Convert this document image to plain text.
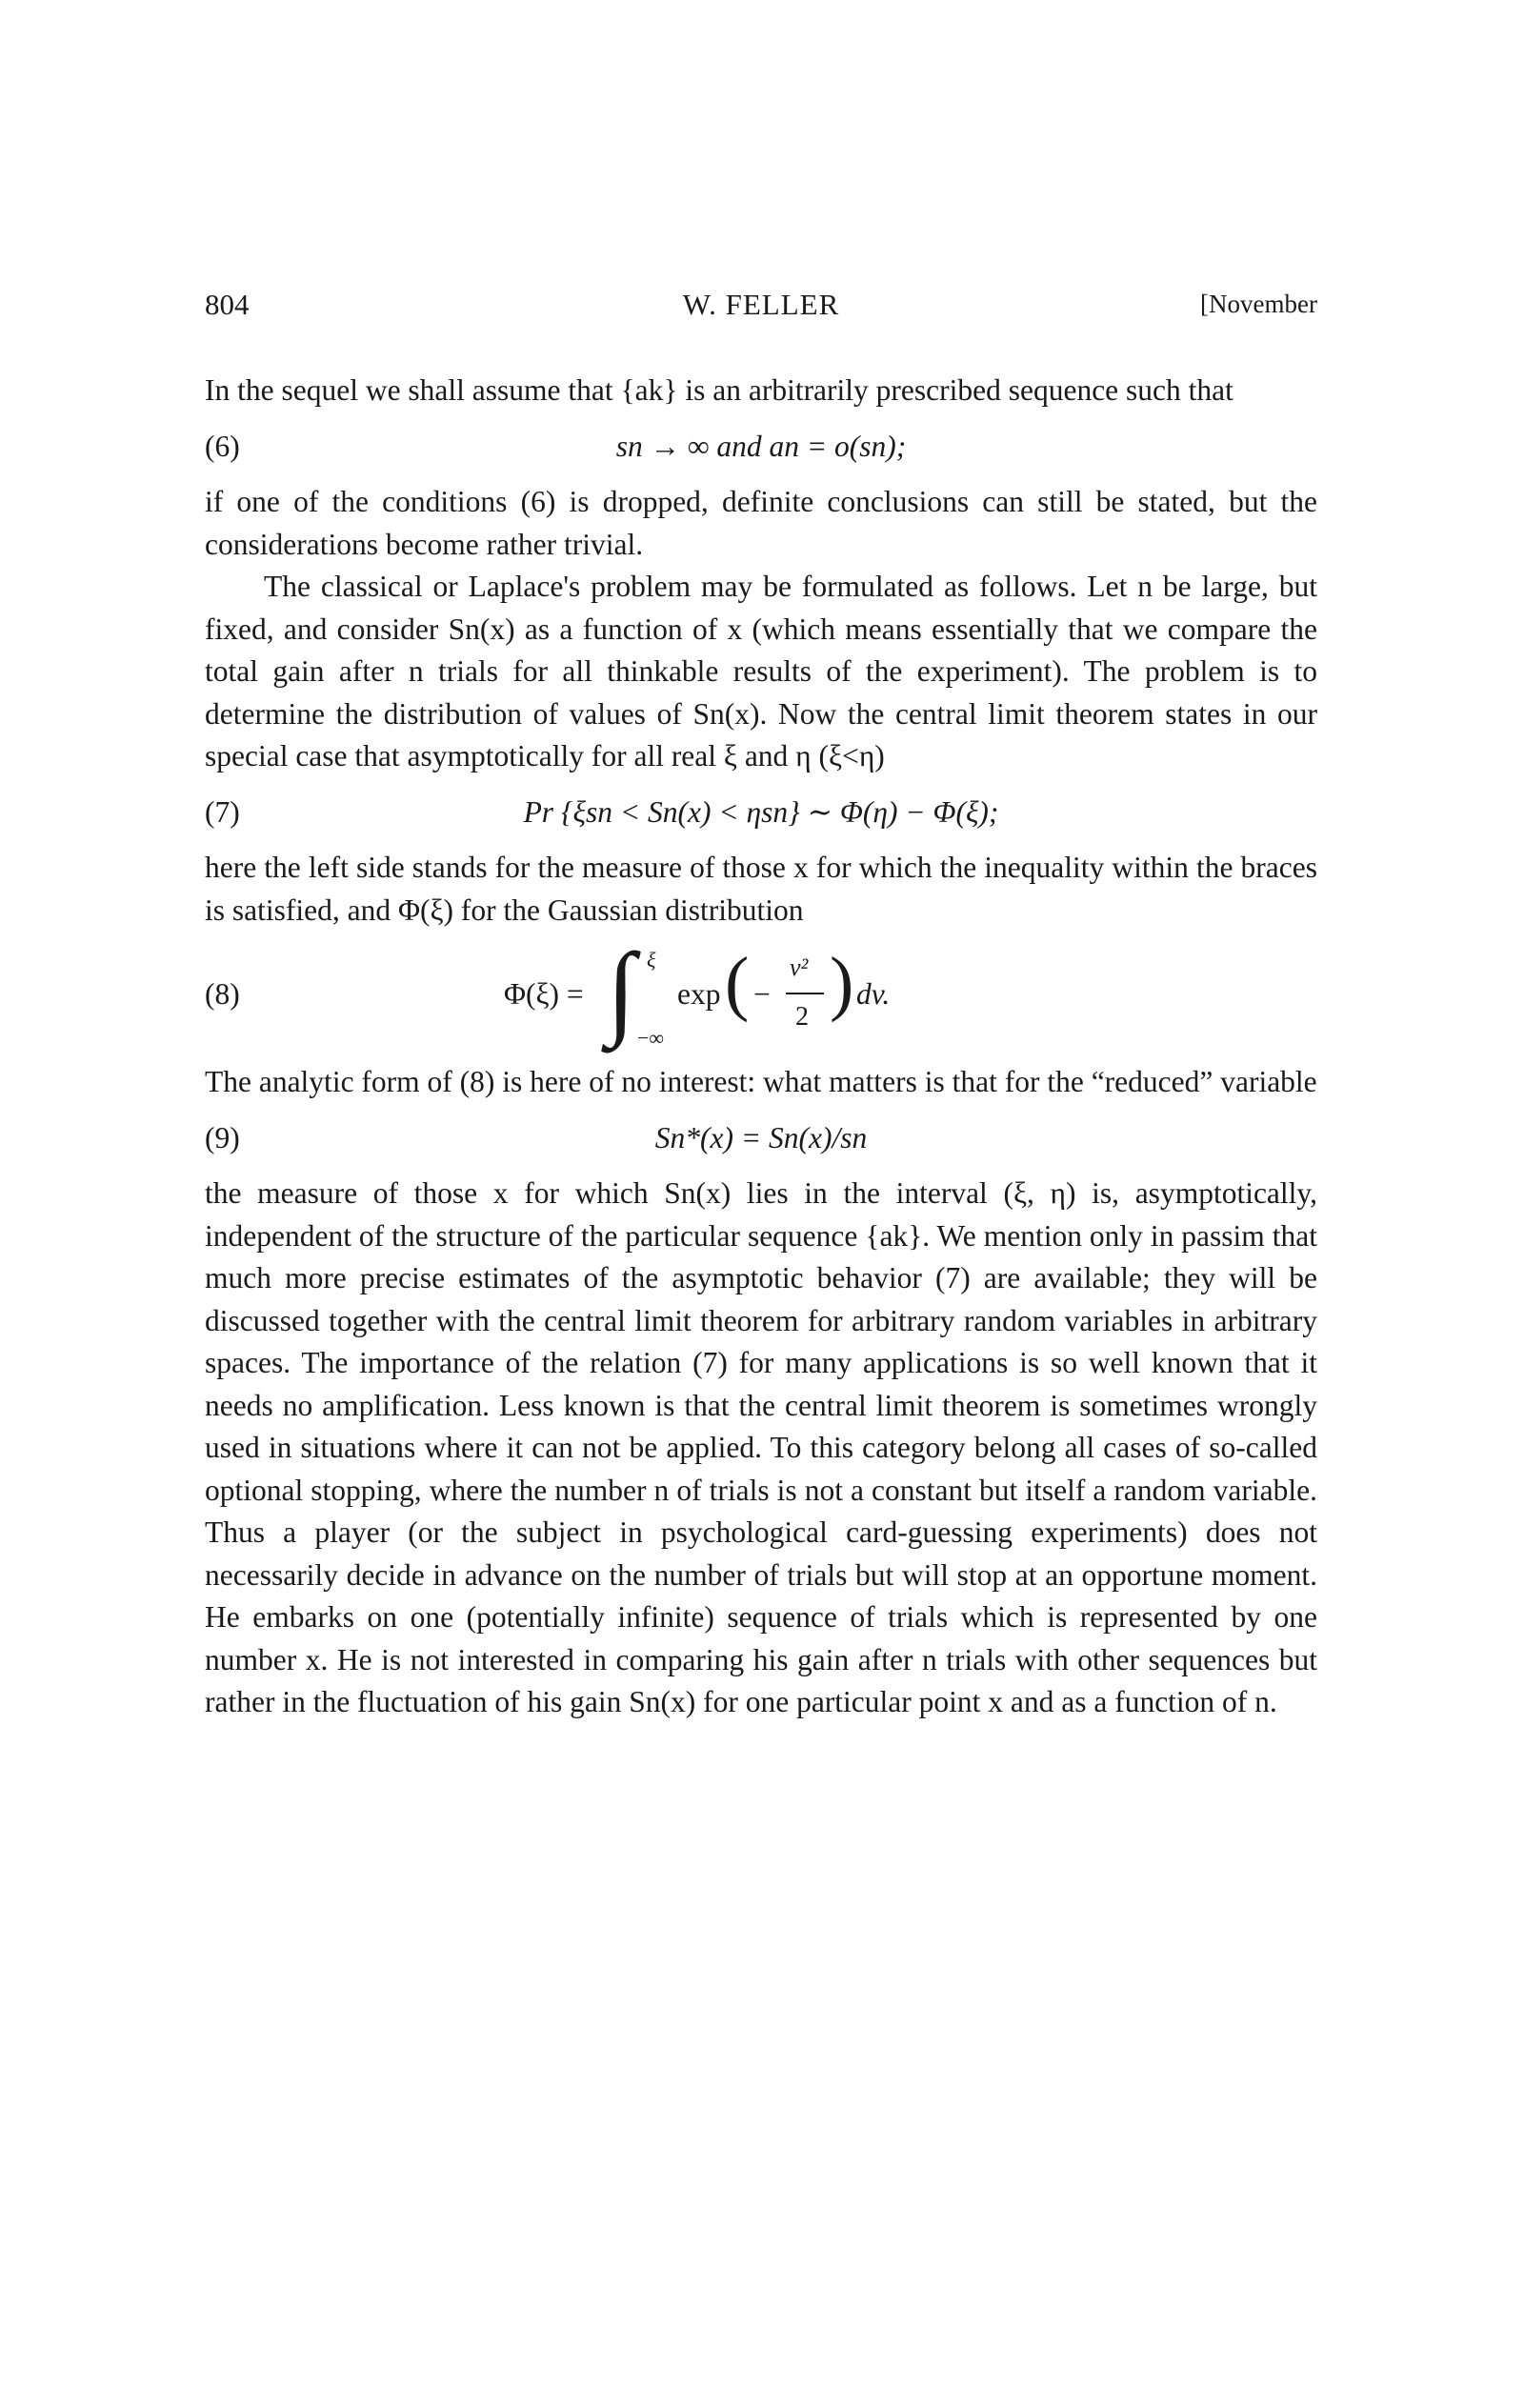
804	W. FELLER	[November

In the sequel we shall assume that {ak} is an arbitrarily prescribed sequence such that

(6)	sn → ∞ and an = o(sn);

if one of the conditions (6) is dropped, definite conclusions can still be stated, but the considerations become rather trivial.

The classical or Laplace's problem may be formulated as follows. Let n be large, but fixed, and consider Sn(x) as a function of x (which means essentially that we compare the total gain after n trials for all thinkable results of the experiment). The problem is to determine the distribution of values of Sn(x). Now the central limit theorem states in our special case that asymptotically for all real ξ and η (ξ<η)

(7)	Pr {ξsn < Sn(x) < ηsn} ∼ Φ(η) − Φ(ξ);

here the left side stands for the measure of those x for which the inequality within the braces is satisfied, and Φ(ξ) for the Gaussian distribution

(8)	Φ(ξ) = ∫ ξ
−∞
exp ( −
v²
2 ) dv.

The analytic form of (8) is here of no interest: what matters is that for the “reduced” variable

(9)	Sn*(x) = Sn(x)/sn

the measure of those x for which Sn(x) lies in the interval (ξ, η) is, asymptotically, independent of the structure of the particular sequence {ak}. We mention only in passim that much more precise estimates of the asymptotic behavior (7) are available; they will be discussed together with the central limit theorem for arbitrary random variables in arbitrary spaces. The importance of the relation (7) for many applications is so well known that it needs no amplification. Less known is that the central limit theorem is sometimes wrongly used in situations where it can not be applied. To this category belong all cases of so-called optional stopping, where the number n of trials is not a constant but itself a random variable. Thus a player (or the subject in psychological card-guessing experiments) does not necessarily decide in advance on the number of trials but will stop at an opportune moment. He embarks on one (potentially infinite) sequence of trials which is represented by one number x. He is not interested in comparing his gain after n trials with other sequences but rather in the fluctuation of his gain Sn(x) for one particular point x and as a function of n.
